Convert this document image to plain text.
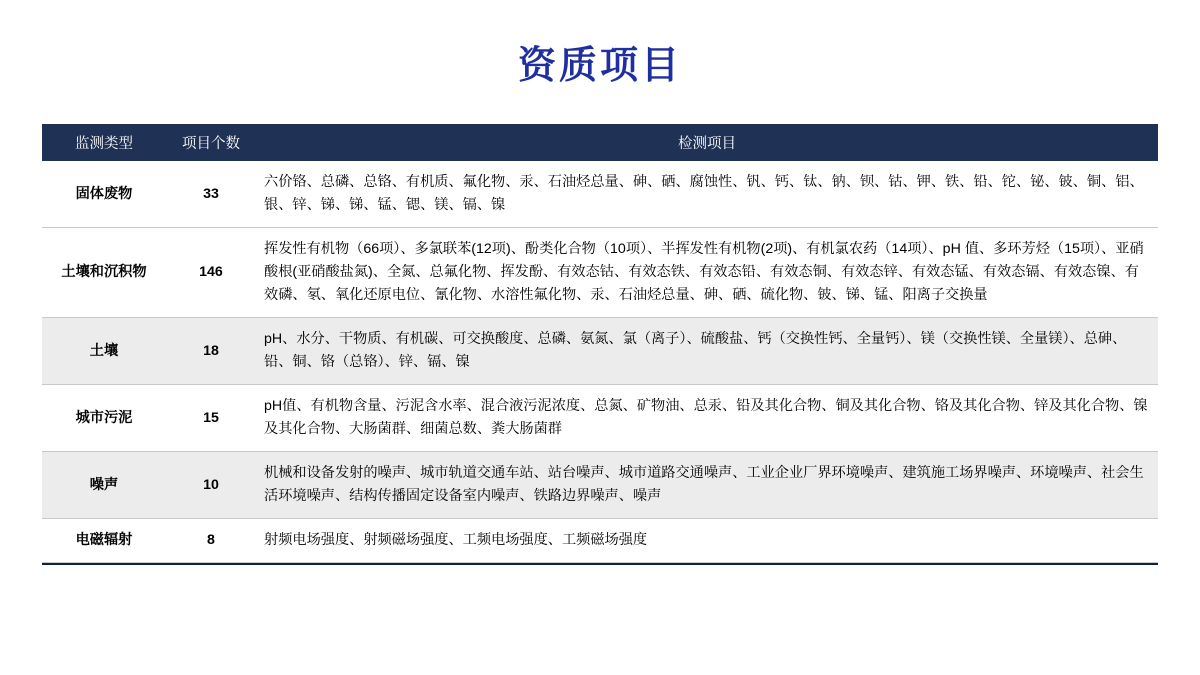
资质项目
监测类型	项目个数	检测项目
固体废物	33	六价铬、总磷、总铬、有机质、氟化物、汞、石油烃总量、砷、硒、腐蚀性、钒、钙、钛、钠、钡、钴、钾、铁、铅、铊、铋、铍、铜、铝、银、锌、锑、锑、锰、锶、镁、镉、镍
土壤和沉积物	146	挥发性有机物（66项）、多氯联苯(12项)、酚类化合物（10项）、半挥发性有机物(2项)、有机氯农药（14项）、pH 值、多环芳烃（15项）、亚硝酸根(亚硝酸盐氮)、全氮、总氟化物、挥发酚、有效态钴、有效态铁、有效态铅、有效态铜、有效态锌、有效态锰、有效态镉、有效态镍、有效磷、氡、氧化还原电位、氰化物、水溶性氟化物、汞、石油烃总量、砷、硒、硫化物、铍、锑、锰、阳离子交换量
土壤	18	pH、水分、干物质、有机碳、可交换酸度、总磷、氨氮、氯（离子）、硫酸盐、钙（交换性钙、全量钙）、镁（交换性镁、全量镁）、总砷、铅、铜、铬（总铬）、锌、镉、镍
城市污泥	15	pH值、有机物含量、污泥含水率、混合液污泥浓度、总氮、矿物油、总汞、铅及其化合物、铜及其化合物、铬及其化合物、锌及其化合物、镍及其化合物、大肠菌群、细菌总数、粪大肠菌群
噪声	10	机械和设备发射的噪声、城市轨道交通车站、站台噪声、城市道路交通噪声、工业企业厂界环境噪声、建筑施工场界噪声、环境噪声、社会生活环境噪声、结构传播固定设备室内噪声、铁路边界噪声、噪声
电磁辐射	8	射频电场强度、射频磁场强度、工频电场强度、工频磁场强度
